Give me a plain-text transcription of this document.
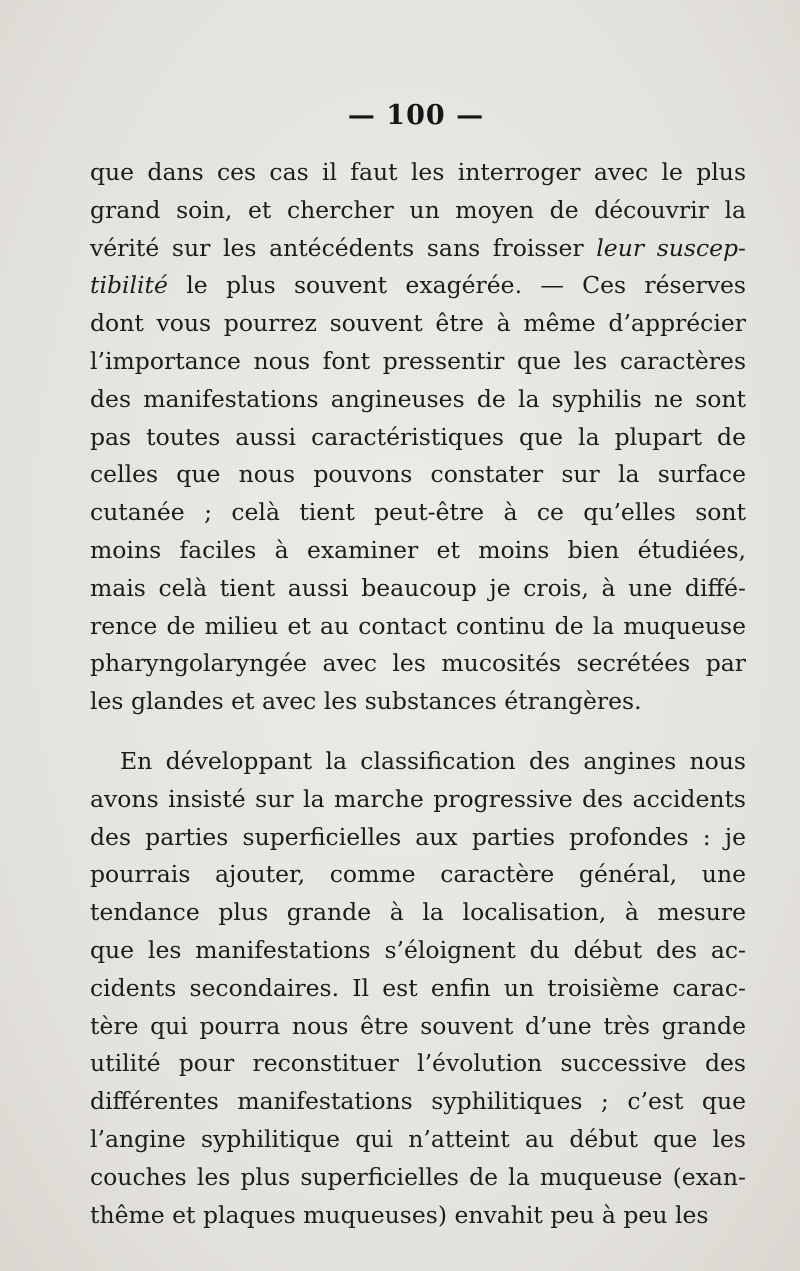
— 100 —
que dans ces cas il faut les interroger avec le plus
grand soin, et chercher un moyen de découvrir la
vérité sur les antécédents sans froisser leur suscep-
tibilité le plus souvent exagérée. — Ces réserves
dont vous pourrez souvent être à même d’apprécier
l’importance nous font pressentir que les caractères
des manifestations angineuses de la syphilis ne sont
pas toutes aussi caractéristiques que la plupart de
celles que nous pouvons constater sur la surface
cutanée ; celà tient peut-être à ce qu’elles sont
moins faciles à examiner et moins bien étudiées,
mais celà tient aussi beaucoup je crois, à une diffé-
rence de milieu et au contact continu de la muqueuse
pharyngolaryngée avec les mucosités secrétées par
les glandes et avec les substances étrangères.
En développant la classification des angines nous
avons insisté sur la marche progressive des accidents
des parties superficielles aux parties profondes : je
pourrais ajouter, comme caractère général, une
tendance plus grande à la localisation, à mesure
que les manifestations s’éloignent du début des ac-
cidents secondaires. Il est enfin un troisième carac-
tère qui pourra nous être souvent d’une très grande
utilité pour reconstituer l’évolution successive des
différentes manifestations syphilitiques ; c’est que
l’angine syphilitique qui n’atteint au début que les
couches les plus superficielles de la muqueuse (exan-
thême et plaques muqueuses) envahit peu à peu les
